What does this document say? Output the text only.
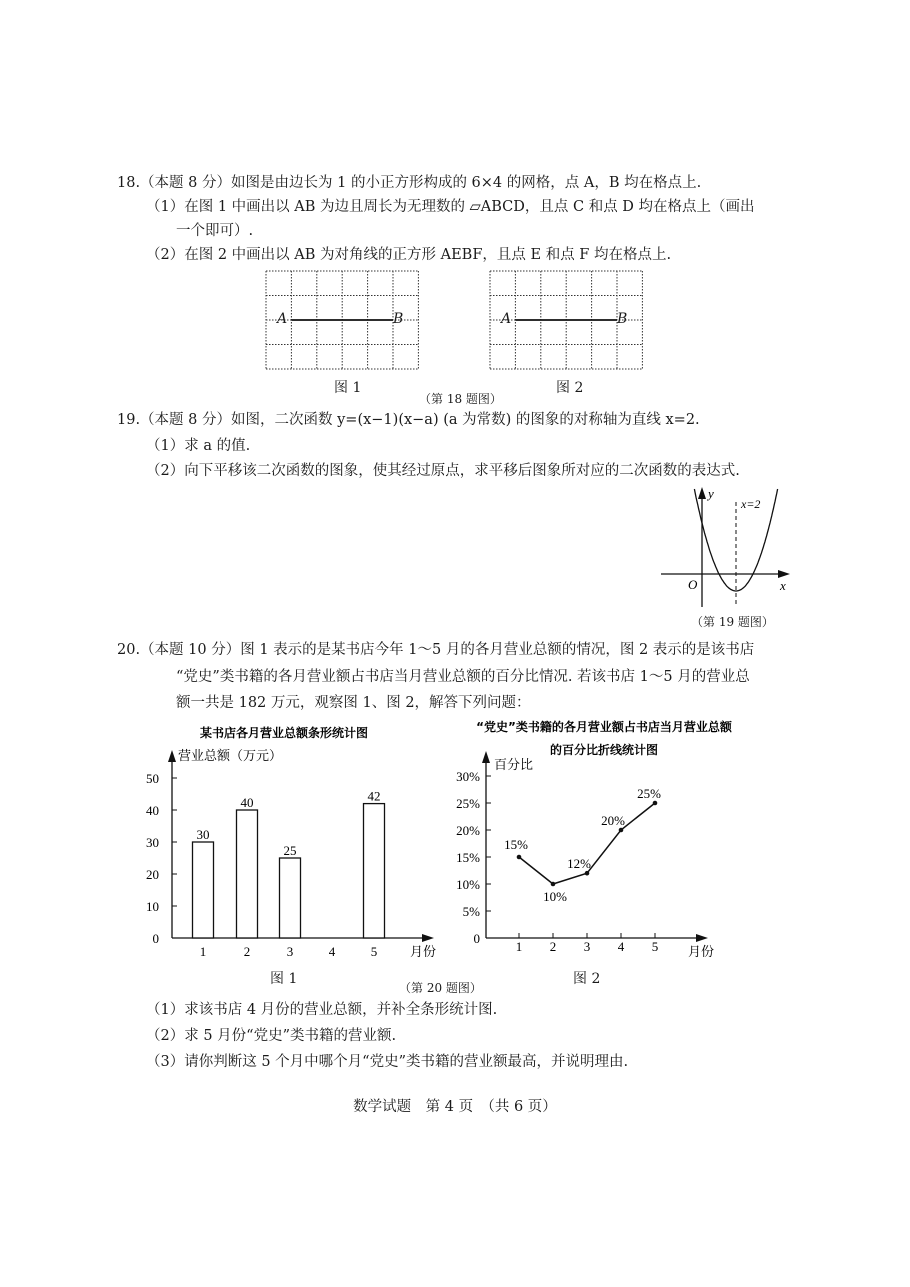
18.（本题 8 分）如图是由边长为 1 的小正方形构成的 6×4 的网格，点 A，B 均在格点上.
（1）在图 1 中画出以 AB 为边且周长为无理数的 ▱ABCD，且点 C 和点 D 均在格点上（画出
一个即可）.
（2）在图 2 中画出以 AB 为对角线的正方形 AEBF，且点 E 和点 F 均在格点上.
图 1	图 2
（第 18 题图）
A	B	A	B
19.（本题 8 分）如图，二次函数 y=(x−1)(x−a) (a 为常数) 的图象的对称轴为直线 x=2.
（1）求 a 的值.
（2）向下平移该二次函数的图象，使其经过原点，求平移后图象所对应的二次函数的表达式.
y
x
O
x=2
（第 19 题图）
20.（本题 10 分）图 1 表示的是某书店今年 1～5 月的各月营业总额的情况，图 2 表示的是该书店
“党史”类书籍的各月营业额占书店当月营业总额的百分比情况. 若该书店 1～5 月的营业总
额一共是 182 万元，观察图 1、图 2，解答下列问题：
某书店各月营业总额条形统计图
营业总额（万元）
月份
“党史”类书籍的各月营业额占书店当月营业总额
的百分比折线统计图
百分比
月份
0
10
20
30
40
50
1
30
2
40
3
25
4	5
42
0
5%
10%
15%
20%
25%
30%
1
15%
2
10%
3
12%
4
20%
5
25%
图 1	图 2
（第 20 题图）
（1）求该书店 4 月份的营业总额，并补全条形统计图.
（2）求 5 月份“党史”类书籍的营业额.
（3）请你判断这 5 个月中哪个月“党史”类书籍的营业额最高，并说明理由.
数学试题　第 4 页　（共 6 页）
